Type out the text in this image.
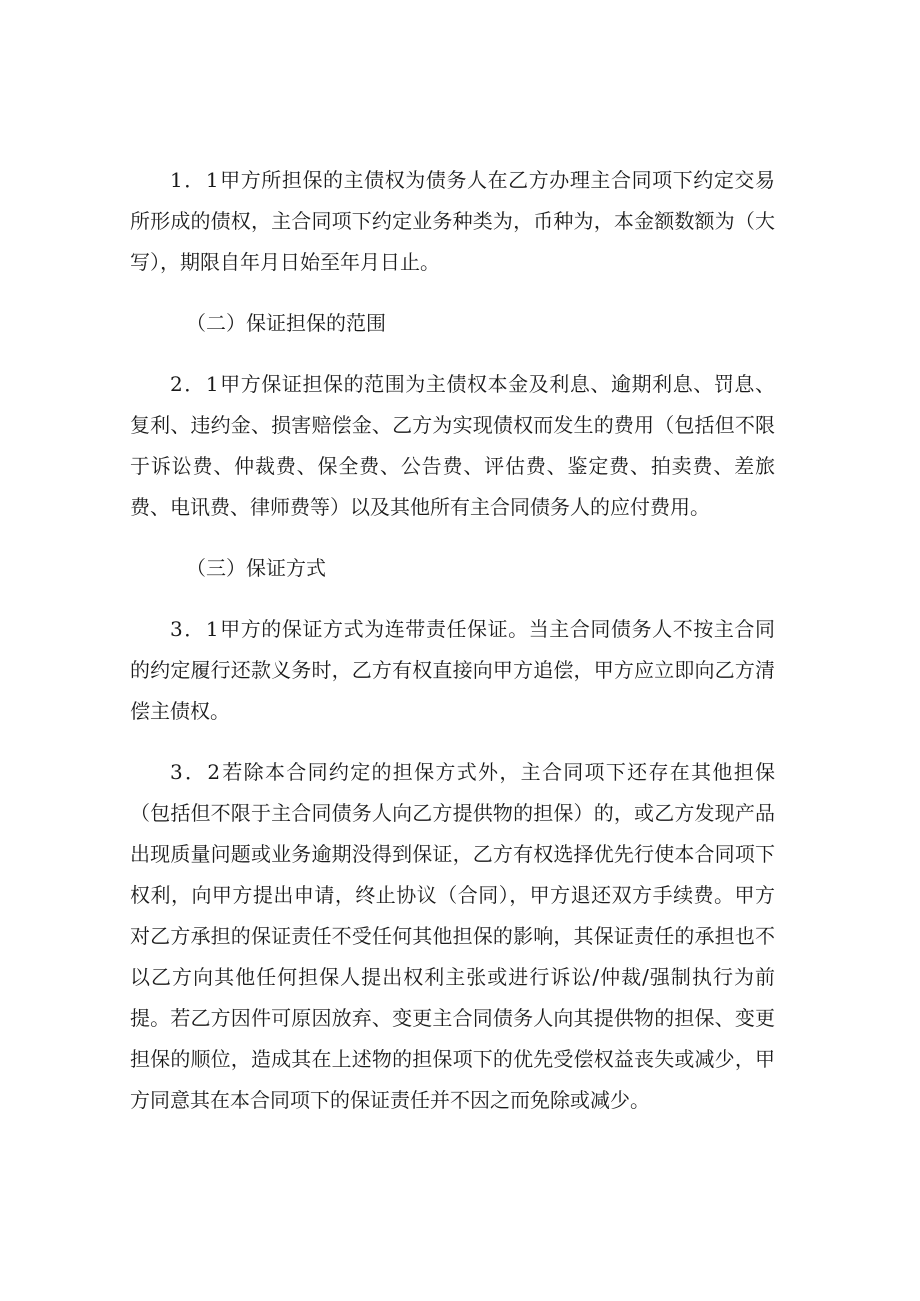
1．1甲方所担保的主债权为债务人在乙方办理主合同项下约定交易所形成的债权，主合同项下约定业务种类为，币种为，本金额数额为（大写），期限自年月日始至年月日止。

（二）保证担保的范围

2．1甲方保证担保的范围为主债权本金及利息、逾期利息、罚息、复利、违约金、损害赔偿金、乙方为实现债权而发生的费用（包括但不限于诉讼费、仲裁费、保全费、公告费、评估费、鉴定费、拍卖费、差旅费、电讯费、律师费等）以及其他所有主合同债务人的应付费用。

（三）保证方式

3．1甲方的保证方式为连带责任保证。当主合同债务人不按主合同的约定履行还款义务时，乙方有权直接向甲方追偿，甲方应立即向乙方清偿主债权。

3．2若除本合同约定的担保方式外，主合同项下还存在其他担保（包括但不限于主合同债务人向乙方提供物的担保）的，或乙方发现产品出现质量问题或业务逾期没得到保证，乙方有权选择优先行使本合同项下权利，向甲方提出申请，终止协议（合同），甲方退还双方手续费。甲方对乙方承担的保证责任不受任何其他担保的影响，其保证责任的承担也不以乙方向其他任何担保人提出权利主张或进行诉讼/仲裁/强制执行为前提。若乙方因件可原因放弃、变更主合同债务人向其提供物的担保、变更担保的顺位，造成其在上述物的担保项下的优先受偿权益丧失或减少，甲方同意其在本合同项下的保证责任并不因之而免除或减少。
